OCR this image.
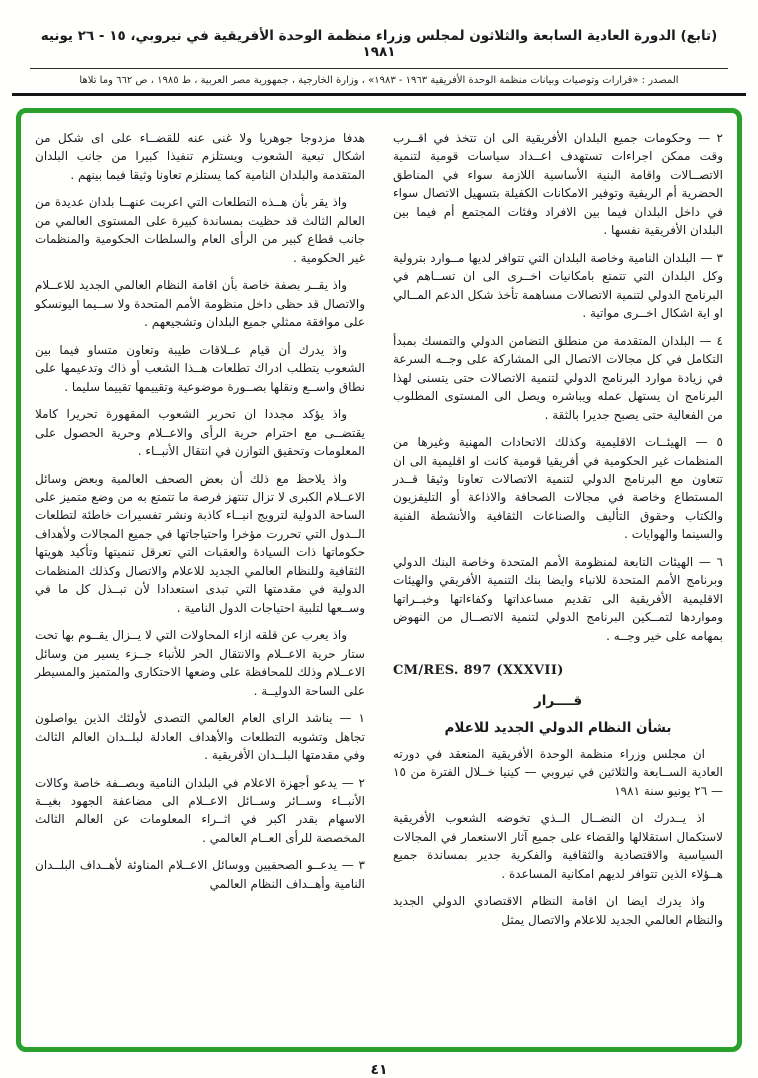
(تابع) الدورة العادية السابعة والثلاثون لمجلس وزراء منظمة الوحدة الأفريقية في نيروبي، ١٥ - ٢٦ يونيه ١٩٨١
المصدر : «قرارات وتوصيات وبيانات منظمة الوحدة الأفريقية ١٩٦٣ - ١٩٨٣» ، وزارة الخارجية ، جمهورية مصر العربية ، ط ١٩٨٥ ، ص ٦٦٢ وما تلاها
٢ — وحكومات جميع البلدان الأفريقية الى ان تتخذ في اقــرب وقت ممكن اجراءات تستهدف اعــداد سياسات قومية لتنمية الاتصــالات واقامة البنية الأساسية اللازمة سواء في المناطق الحضرية أم الريفية وتوفير الامكانات الكفيلة بتسهيل الاتصال سواء في داخل البلدان فيما بين الافراد وفئات المجتمع أم فيما بين البلدان الأفريقية نفسها .
٣ — البلدان النامية وخاصة البلدان التي تتوافر لديها مــوارد بترولية وكل البلدان التي تتمتع بامكانيات اخــرى الى ان تســاهم في البرنامج الدولي لتنمية الاتصالات مساهمة تأخذ شكل الدعم المــالي او اية اشكال اخــرى مواتية .
٤ — البلدان المتقدمة من منطلق التضامن الدولي والتمسك بمبدأ التكامل في كل مجالات الاتصال الى المشاركة على وجــه السرعة في زيادة موارد البرنامج الدولي لتنمية الاتصالات حتى يتسنى لهذا البرنامج ان يستهل عمله ويباشره ويصل الى المستوى المطلوب من الفعالية حتى يصبح جديرا بالثقة .
٥ — الهيئــات الاقليمية وكذلك الاتحادات المهنية وغيرها من المنظمات غير الحكومية في أفريقيا قومية كانت او اقليمية الى ان تتعاون مع البرنامج الدولي لتنمية الاتصالات تعاونا وثيقا قــدر المستطاع وخاصة في مجالات الصحافة والاذاعة أو التليفزيون والكتاب وحقوق التأليف والصناعات الثقافية والأنشطة الفنية والسينما والهوايات .
٦ — الهيئات التابعة لمنظومة الأمم المتحدة وخاصة البنك الدولي وبرنامج الأمم المتحدة للانباء وايضا بنك التنمية الأفريقي والهيئات الاقليمية الأفريقية الى تقديم مساعداتها وكفاءاتها وخبــراتها ومواردها لتمــكين البرنامج الدولي لتنمية الاتصــال من النهوض بمهامه على خير وجــه .
CM/RES. 897 (XXXVII)
قــــرار
بشأن النظام الدولي الجديد للاعلام
ان مجلس وزراء منظمة الوحدة الأفريقية المنعقد في دورته العادية الســابعة والثلاثين في نيروبي — كينيا خــلال الفترة من ١٥ — ٢٦ يونيو سنة ١٩٨١
اذ يــدرك ان النضــال الــذي تخوضه الشعوب الأفريقية لاستكمال استقلالها والقضاء على جميع آثار الاستعمار في المجالات السياسية والاقتصادية والثقافية والفكرية جدير بمساندة جميع هــؤلاء الذين تتوافر لديهم امكانية المساعدة .
واذ يدرك ايضا ان اقامة النظام الاقتصادي الدولي الجديد والنظام العالمي الجديد للاعلام والاتصال يمثل
هدفا مزدوجا جوهريا ولا غنى عنه للقضــاء على اى شكل من اشكال تبعية الشعوب ويستلزم تنفيذا كبيرا من جانب البلدان المتقدمة والبلدان النامية كما يستلزم تعاونا وثيقا فيما بينهم .
واذ يقر بأن هــذه التطلعات التي اعربت عنهــا بلدان عديدة من العالم الثالث قد حظيت بمساندة كبيرة على المستوى العالمي من جانب قطاع كبير من الرأى العام والسلطات الحكومية والمنظمات غير الحكومية .
واذ يقــر بصفة خاصة بأن اقامة النظام العالمي الجديد للاعــلام والاتصال قد حظى داخل منظومة الأمم المتحدة ولا ســيما اليونسكو على موافقة ممثلي جميع البلدان وتشجيعهم .
واذ يدرك أن قيام عــلاقات طيبة وتعاون متساو فيما بين الشعوب يتطلب ادراك تطلعات هــذا الشعب أو ذاك وتدعيمها على نطاق واســع ونقلها بصــورة موضوعية وتقييمها تقييما سليما .
واذ يؤكد مجددا ان تحرير الشعوب المقهورة تحريرا كاملا يقتضــى مع احترام حرية الرأى والاعــلام وحرية الحصول على المعلومات وتحقيق التوازن في انتقال الأنبــاء .
واذ يلاحظ مع ذلك أن بعض الصحف العالمية وبعض وسائل الاعــلام الكبرى لا تزال تنتهز فرصة ما تتمتع به من وضع متميز على الساحة الدولية لترويج انبــاء كاذبة ونشر تفسيرات خاطئة لتطلعات الــدول التي تحررت مؤخرا واحتياجاتها في جميع المجالات ولأهداف حكوماتها ذات السيادة والعقبات التي تعرقل تنميتها وتأكيد هويتها الثقافية وللنظام العالمي الجديد للاعلام والاتصال وكذلك المنظمات الدولية في مقدمتها التي تبدى استعدادا لأن تبــذل كل ما في وســعها لتلبية احتياجات الدول النامية .
واذ يعرب عن قلقه ازاء المحاولات التي لا يــزال يقــوم بها تحت ستار حرية الاعــلام والانتقال الحر للأنباء جــزء يسير من وسائل الاعــلام وذلك للمحافظة على وضعها الاحتكارى والمتميز والمسيطر على الساحة الدوليــة .
١ — يناشد الراى العام العالمي التصدى لأولئك الذين يواصلون تجاهل وتشويه التطلعات والأهداف العادلة لبلــدان العالم الثالث وفي مقدمتها البلــدان الأفريقية .
٢ — يدعو أجهزة الاعلام في البلدان النامية وبصــفة خاصة وكالات الأنبــاء وســائر وســائل الاعــلام الى مضاعفة الجهود بغيــة الاسهام بقدر اكبر في اثــراء المعلومات عن العالم الثالث المخصصة للرأى العــام العالمي .
٣ — يدعــو الصحفيين ووسائل الاعــلام المناوئة لأهــداف البلــدان النامية وأهــداف النظام العالمي
٤١
